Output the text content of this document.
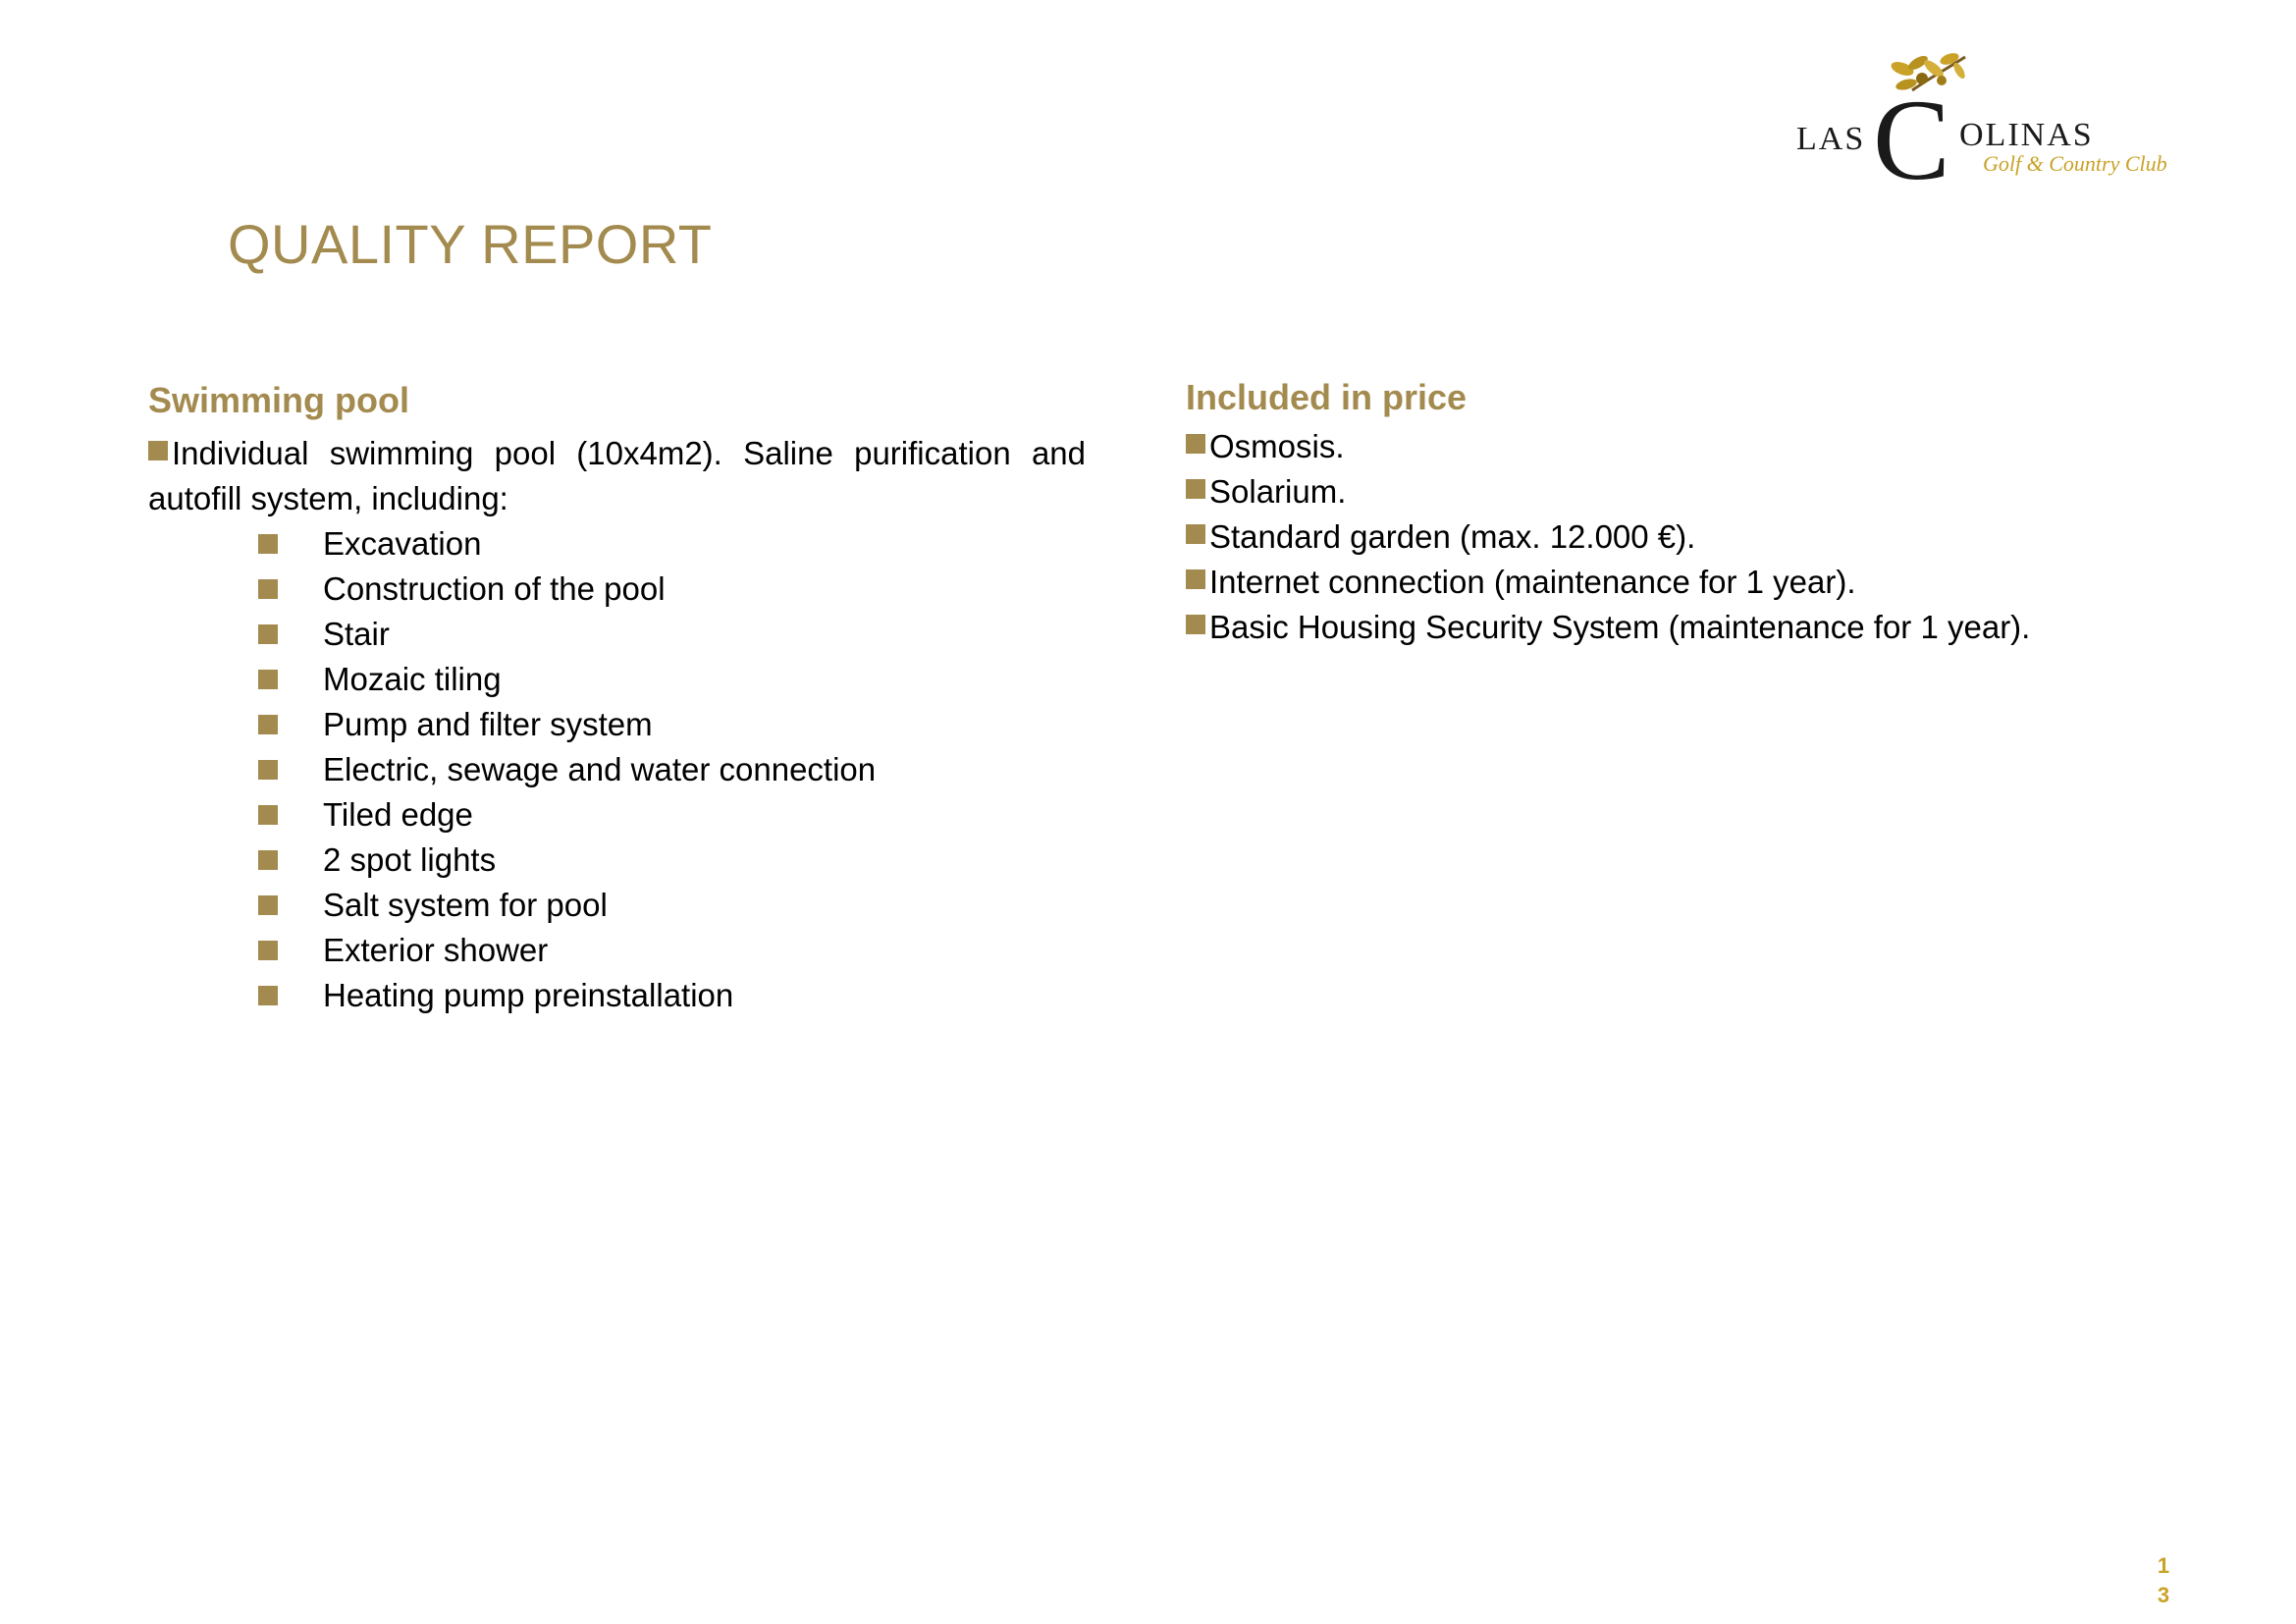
LAS C OLINAS
Golf & Country Club
QUALITY REPORT
Swimming pool

Individual swimming pool (10x4m2). Saline purification and autofill system, including:

Excavation
Construction of the pool
Stair
Mozaic tiling
Pump and filter system
Electric, sewage and water connection
Tiled edge
2 spot lights
Salt system for pool
Exterior shower
Heating pump preinstallation
Included in price
Osmosis.
Solarium.
Standard garden (max. 12.000 €).
Internet connection (maintenance for 1 year).
Basic Housing Security System (maintenance for 1 year).
1
3
